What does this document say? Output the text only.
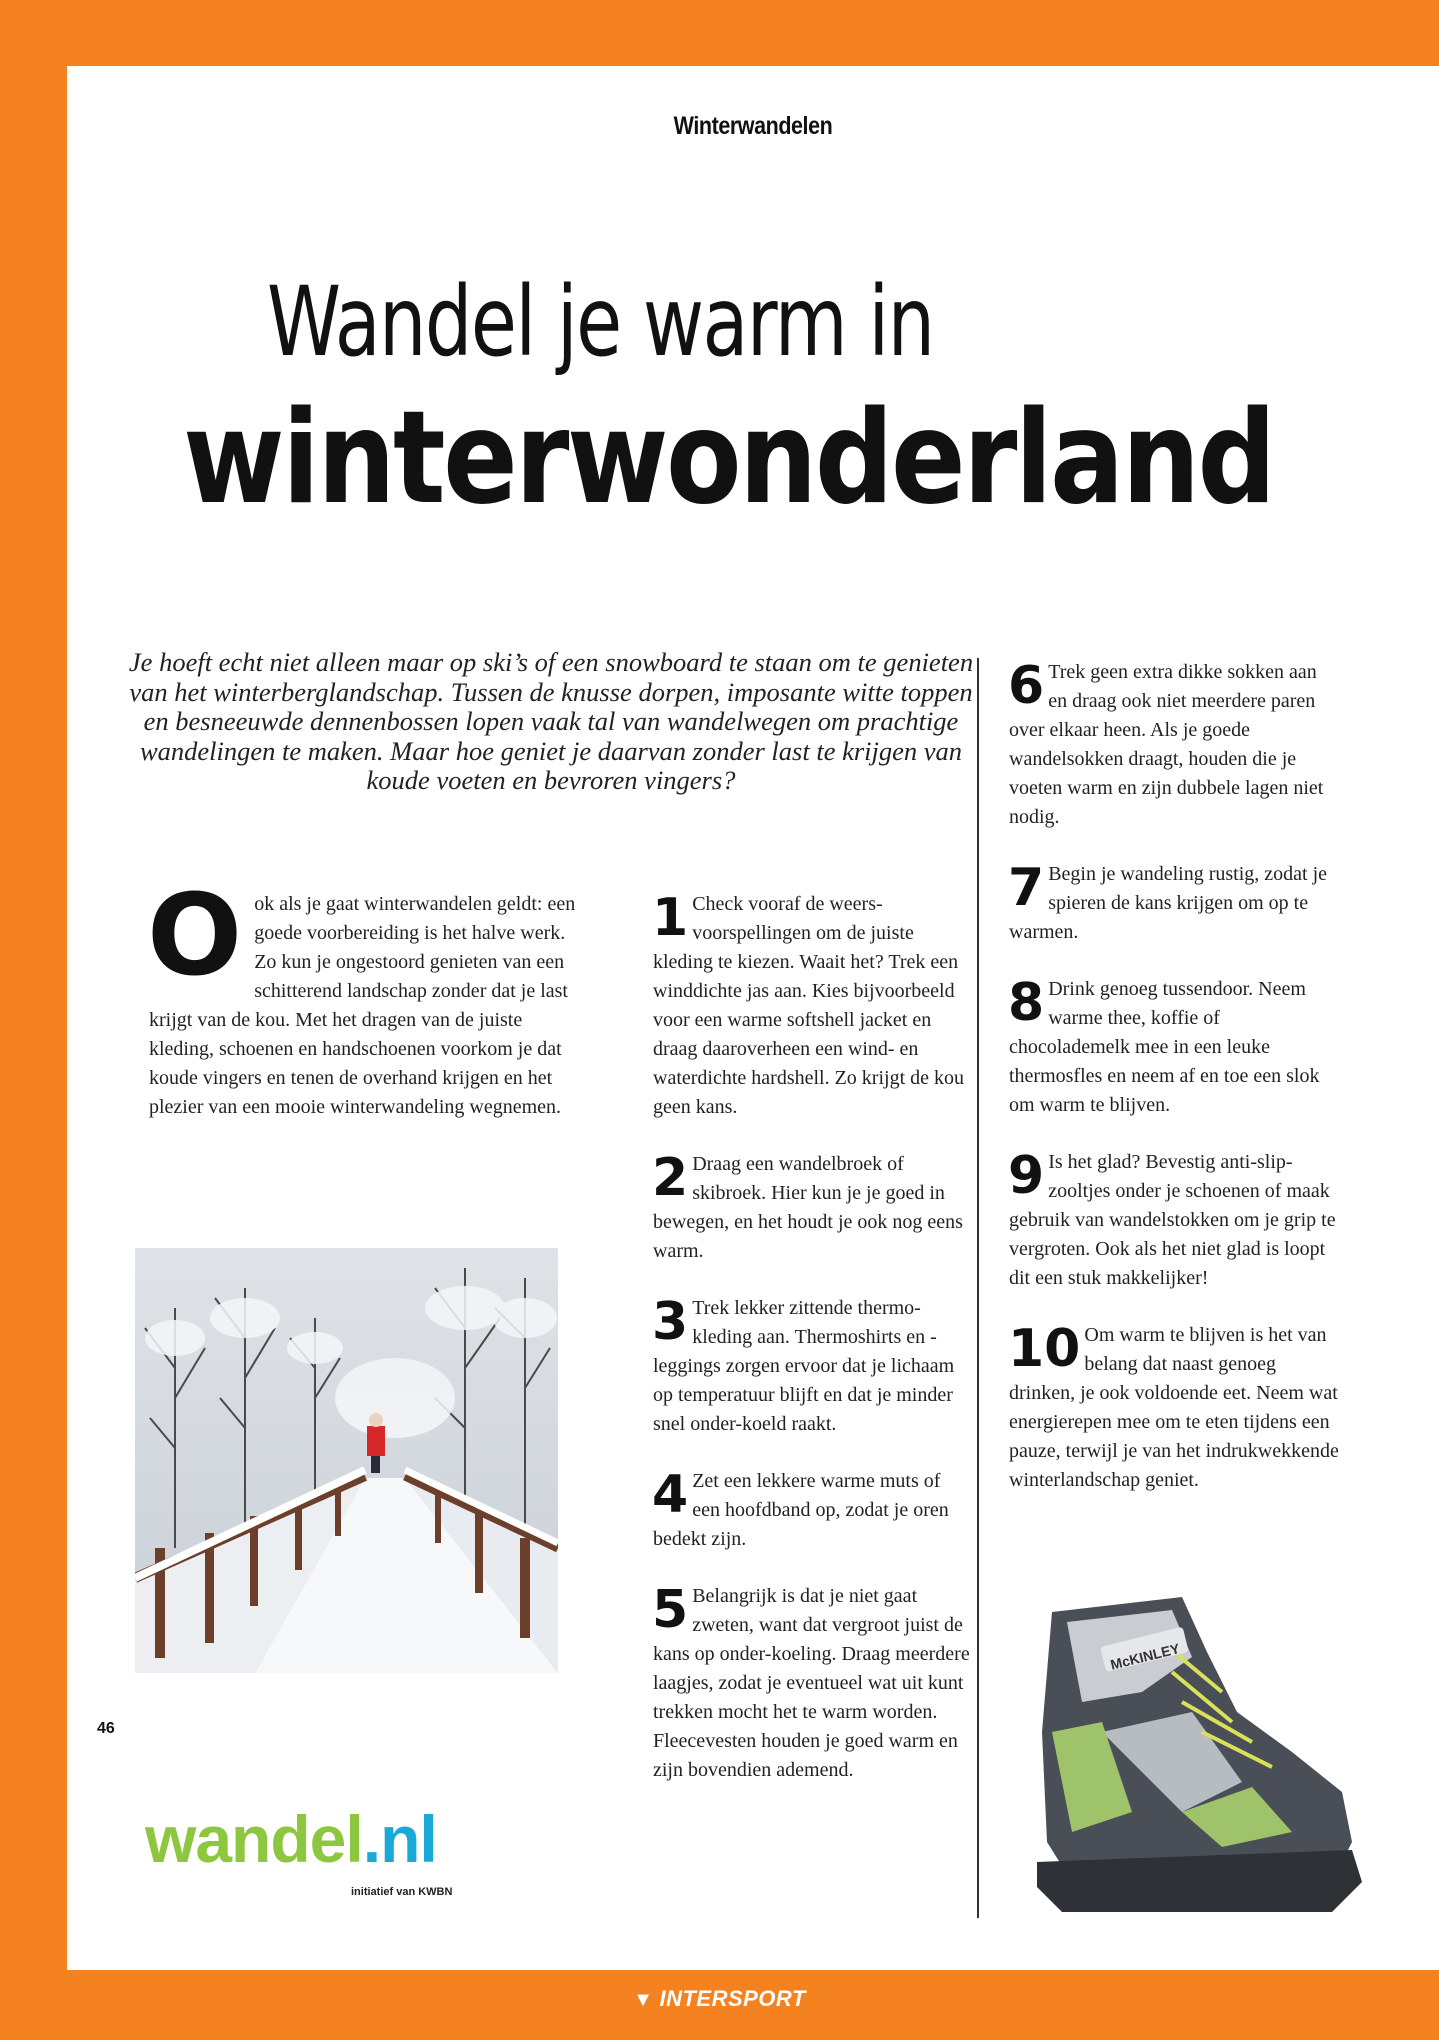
Winterwandelen
Wandel je warm in
winterwonderland
Je hoeft echt niet alleen maar op ski’s of een snowboard te staan om te genieten van het winterberglandschap. Tussen de knusse dorpen, imposante witte toppen en besneeuwde dennenbossen lopen vaak tal van wandelwegen om prachtige wandelingen te maken. Maar hoe geniet je daarvan zonder last te krijgen van koude voeten en bevroren vingers?
O ok als je gaat winterwandelen geldt: een goede voorbereiding is het halve werk. Zo kun je ongestoord genieten van een schitterend landschap zonder dat je last krijgt van de kou. Met het dragen van de juiste kleding, schoenen en handschoenen voorkom je dat koude vingers en tenen de overhand krijgen en het plezier van een mooie winterwandeling wegnemen.
1 Check vooraf de weers-voorspellingen om de juiste kleding te kiezen. Waait het? Trek een winddichte jas aan. Kies bijvoorbeeld voor een warme softshell jacket en draag daaroverheen een wind- en waterdichte hardshell. Zo krijgt de kou geen kans.
2 Draag een wandelbroek of skibroek. Hier kun je je goed in bewegen, en het houdt je ook nog eens warm.
3 Trek lekker zittende thermo-kleding aan. Thermoshirts en -leggings zorgen ervoor dat je lichaam op temperatuur blijft en dat je minder snel onder-koeld raakt.
4 Zet een lekkere warme muts of een hoofdband op, zodat je oren bedekt zijn.
5 Belangrijk is dat je niet gaat zweten, want dat vergroot juist de kans op onder-koeling. Draag meerdere laagjes, zodat je eventueel wat uit kunt trekken mocht het te warm worden. Fleecevesten houden je goed warm en zijn bovendien ademend.
6 Trek geen extra dikke sokken aan en draag ook niet meerdere paren over elkaar heen. Als je goede wandelsokken draagt, houden die je voeten warm en zijn dubbele lagen niet nodig.
7 Begin je wandeling rustig, zodat je spieren de kans krijgen om op te warmen.
8 Drink genoeg tussendoor. Neem warme thee, koffie of chocolademelk mee in een leuke thermosfles en neem af en toe een slok om warm te blijven.
9 Is het glad? Bevestig anti-slip-zooltjes onder je schoenen of maak gebruik van wandelstokken om je grip te vergroten. Ook als het niet glad is loopt dit een stuk makkelijker!
10 Om warm te blijven is het van belang dat naast genoeg drinken, je ook voldoende eet. Neem wat energierepen mee om te eten tijdens een pauze, terwijl je van het indrukwekkende winterlandschap geniet.
McKINLEY
46
wandel.nl
initiatief van KWBN
▼ INTERSPORT
